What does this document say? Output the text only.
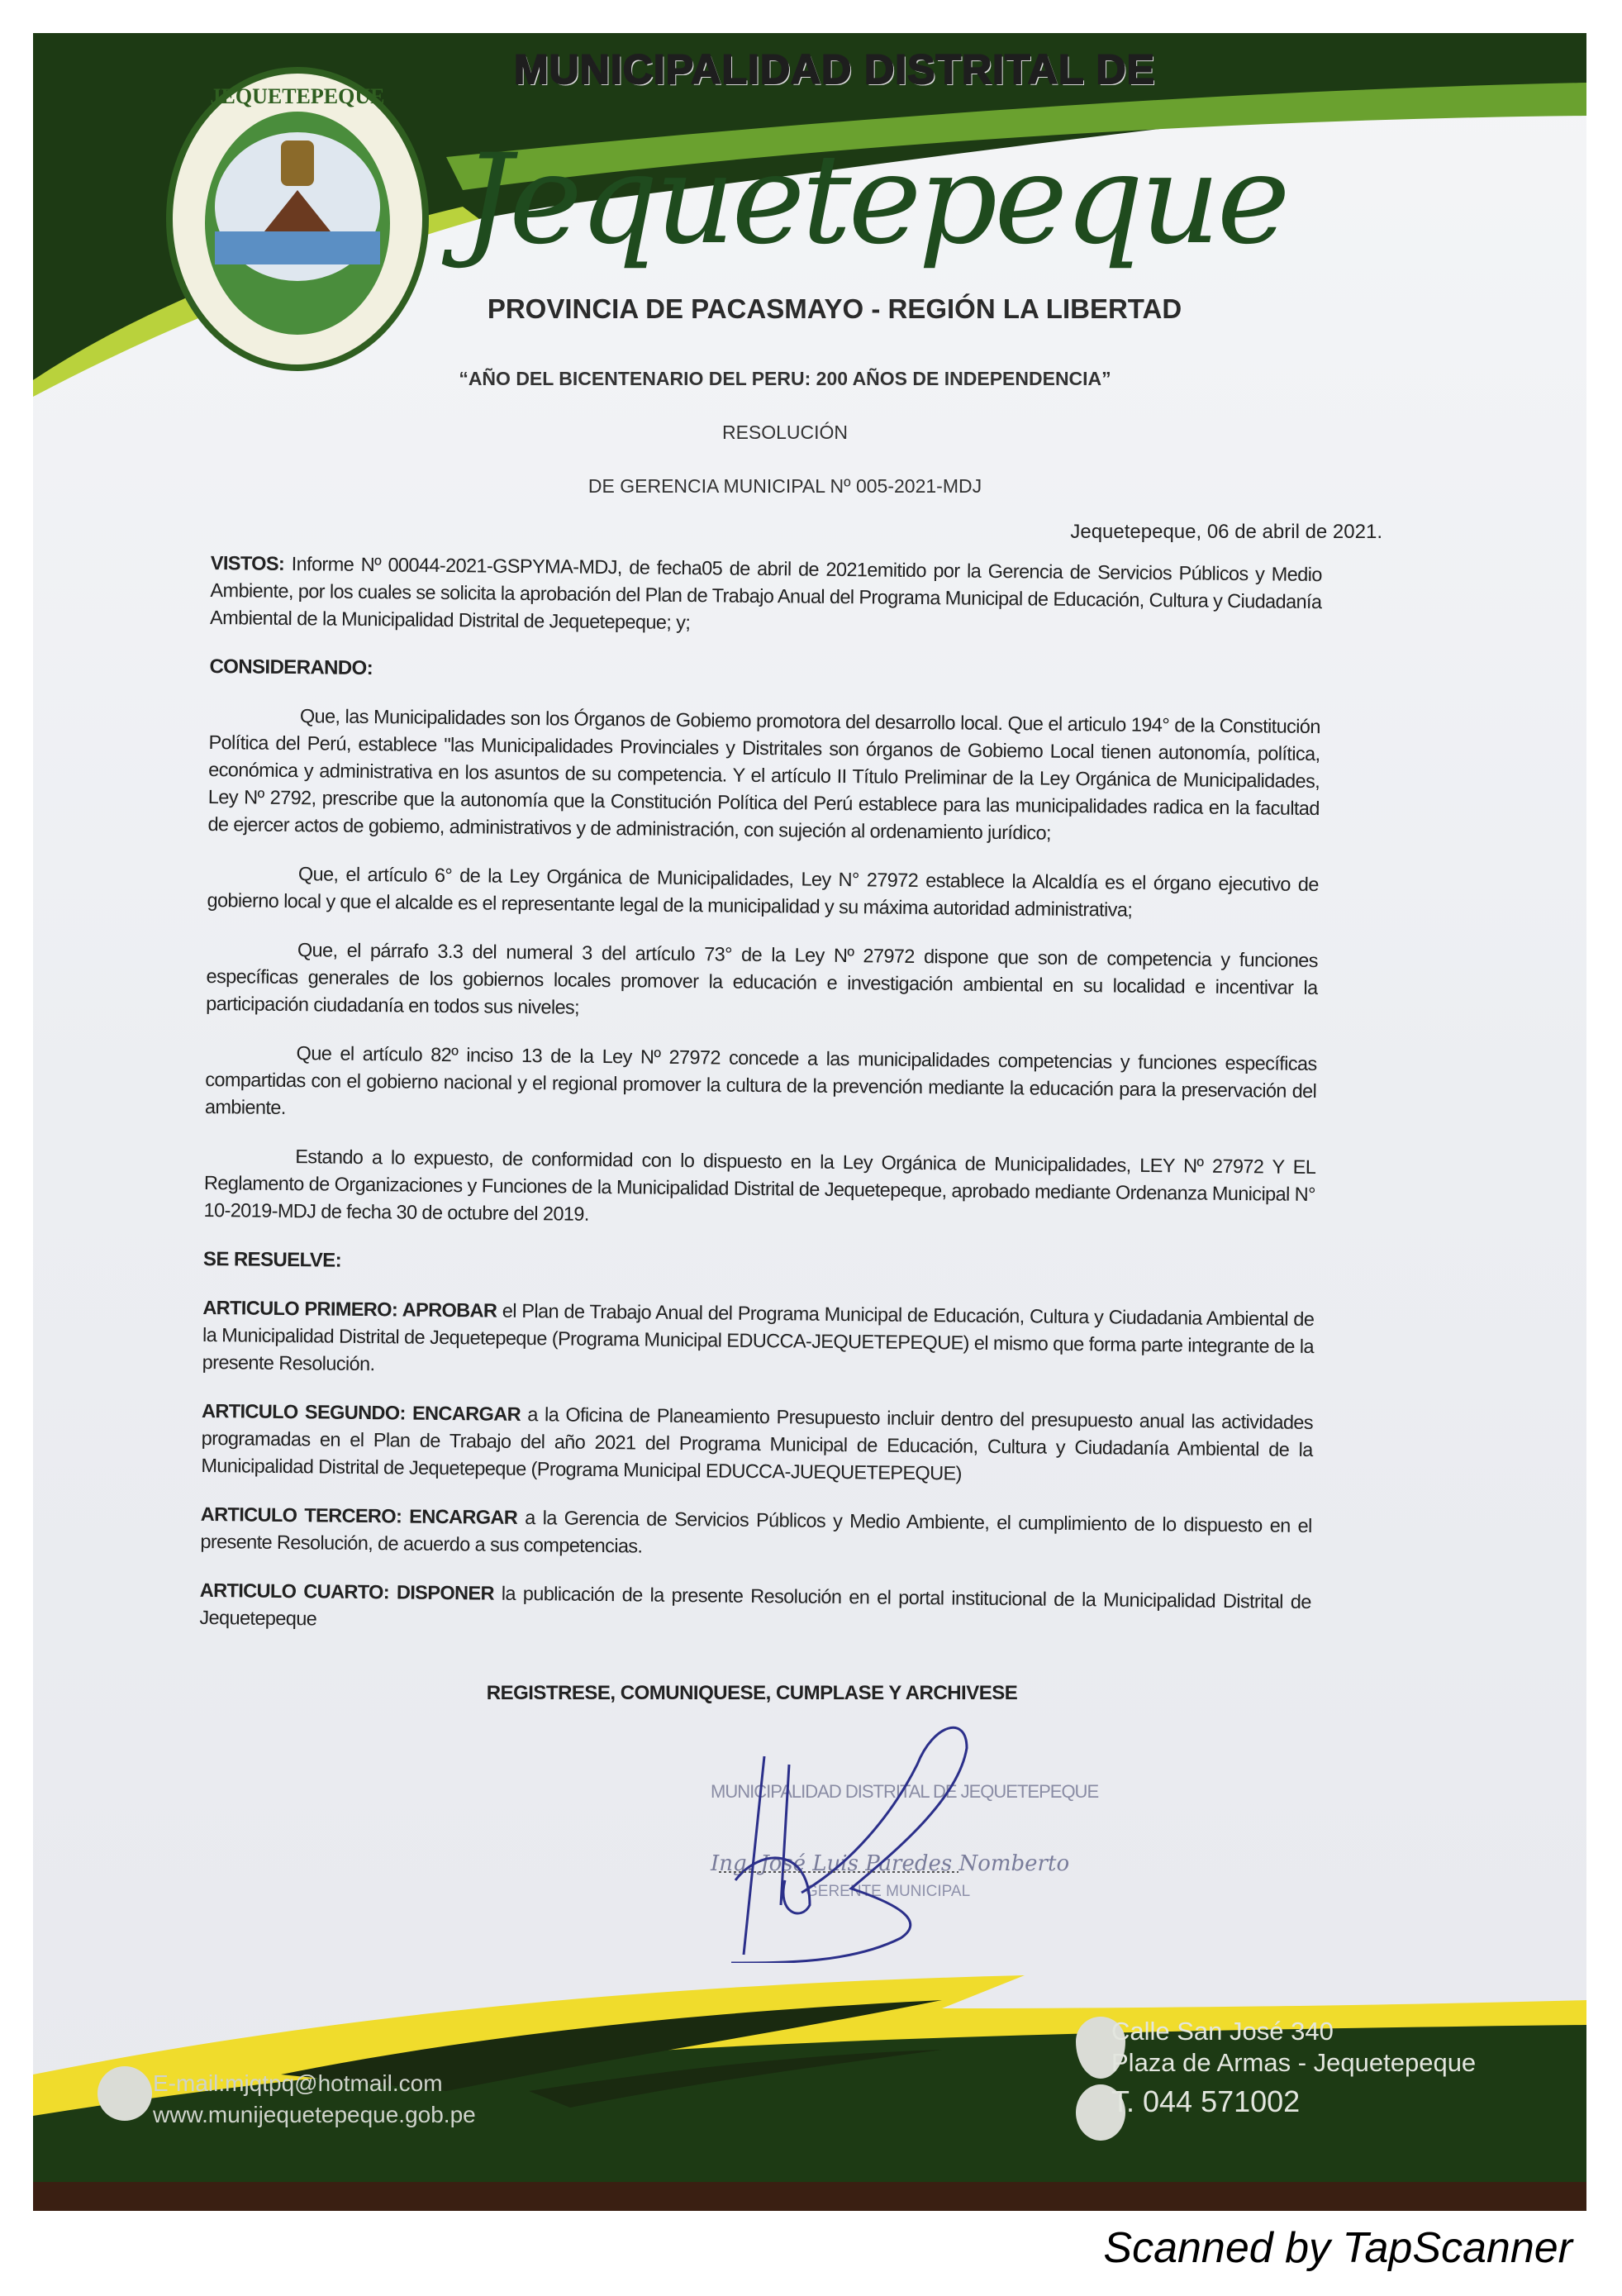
JEQUETEPEQUE
MUNICIPALIDAD DISTRITAL DE
Jequetepeque
PROVINCIA DE PACASMAYO - REGIÓN LA LIBERTAD
“AÑO DEL BICENTENARIO DEL PERU: 200 AÑOS DE INDEPENDENCIA”
RESOLUCIÓN
DE GERENCIA MUNICIPAL Nº 005-2021-MDJ
Jequetepeque, 06 de abril de 2021.

VISTOS: Informe Nº 00044-2021-GSPYMA-MDJ, de fecha05 de abril de 2021emitido por la Gerencia de Servicios Públicos y Medio Ambiente, por los cuales se solicita la aprobación del Plan de Trabajo Anual del Programa Municipal de Educación, Cultura y Ciudadanía Ambiental de la Municipalidad Distrital de Jequetepeque; y;

CONSIDERANDO:

Que, las Municipalidades son los Órganos de Gobiemo promotora del desarrollo local. Que el articulo 194° de la Constitución Política del Perú, establece "las Municipalidades Provinciales y Distritales son órganos de Gobiemo Local tienen autonomía, política, económica y administrativa en los asuntos de su competencia. Y el artículo II Título Preliminar de la Ley Orgánica de Municipalidades, Ley Nº 2792, prescribe que la autonomía que la Constitución Política del Perú establece para las municipalidades radica en la facultad de ejercer actos de gobiemo, administrativos y de administración, con sujeción al ordenamiento jurídico;

Que, el artículo 6° de la Ley Orgánica de Municipalidades, Ley N° 27972 establece la Alcaldía es el órgano ejecutivo de gobierno local y que el alcalde es el representante legal de la municipalidad y su máxima autoridad administrativa;

Que, el párrafo 3.3 del numeral 3 del artículo 73° de la Ley Nº 27972 dispone que son de competencia y funciones específicas generales de los gobiernos locales promover la educación e investigación ambiental en su localidad e incentivar la participación ciudadanía en todos sus niveles;

Que el artículo 82º inciso 13 de la Ley Nº 27972 concede a las municipalidades competencias y funciones específicas compartidas con el gobierno nacional y el regional promover la cultura de la prevención mediante la educación para la preservación del ambiente.

Estando a lo expuesto, de conformidad con lo dispuesto en la Ley Orgánica de Municipalidades, LEY Nº 27972 Y EL Reglamento de Organizaciones y Funciones de la Municipalidad Distrital de Jequetepeque, aprobado mediante Ordenanza Municipal N° 10-2019-MDJ de fecha 30 de octubre del 2019.

SE RESUELVE:

ARTICULO PRIMERO: APROBAR el Plan de Trabajo Anual del Programa Municipal de Educación, Cultura y Ciudadania Ambiental de la Municipalidad Distrital de Jequetepeque (Programa Municipal EDUCCA-JEQUETEPEQUE) el mismo que forma parte integrante de la presente Resolución.

ARTICULO SEGUNDO: ENCARGAR a la Oficina de Planeamiento Presupuesto incluir dentro del presupuesto anual las actividades programadas en el Plan de Trabajo del año 2021 del Programa Municipal de Educación, Cultura y Ciudadanía Ambiental de la Municipalidad Distrital de Jequetepeque (Programa Municipal EDUCCA-JUEQUETEPEQUE)

ARTICULO TERCERO: ENCARGAR a la Gerencia de Servicios Públicos y Medio Ambiente, el cumplimiento de lo dispuesto en el presente Resolución, de acuerdo a sus competencias.

ARTICULO CUARTO: DISPONER la publicación de la presente Resolución en el portal institucional de la Municipalidad Distrital de Jequetepeque

REGISTRESE, COMUNIQUESE, CUMPLASE Y ARCHIVESE
MUNICIPALIDAD DISTRITAL DE JEQUETEPEQUE
Ing. José Luis Paredes Nomberto
GERENTE MUNICIPAL
E-mail:mjqtpq@hotmail.com
www.munijequetepeque.gob.pe
Calle San José 340
Plaza de Armas - Jequetepeque
T. 044 571002
Scanned by TapScanner
